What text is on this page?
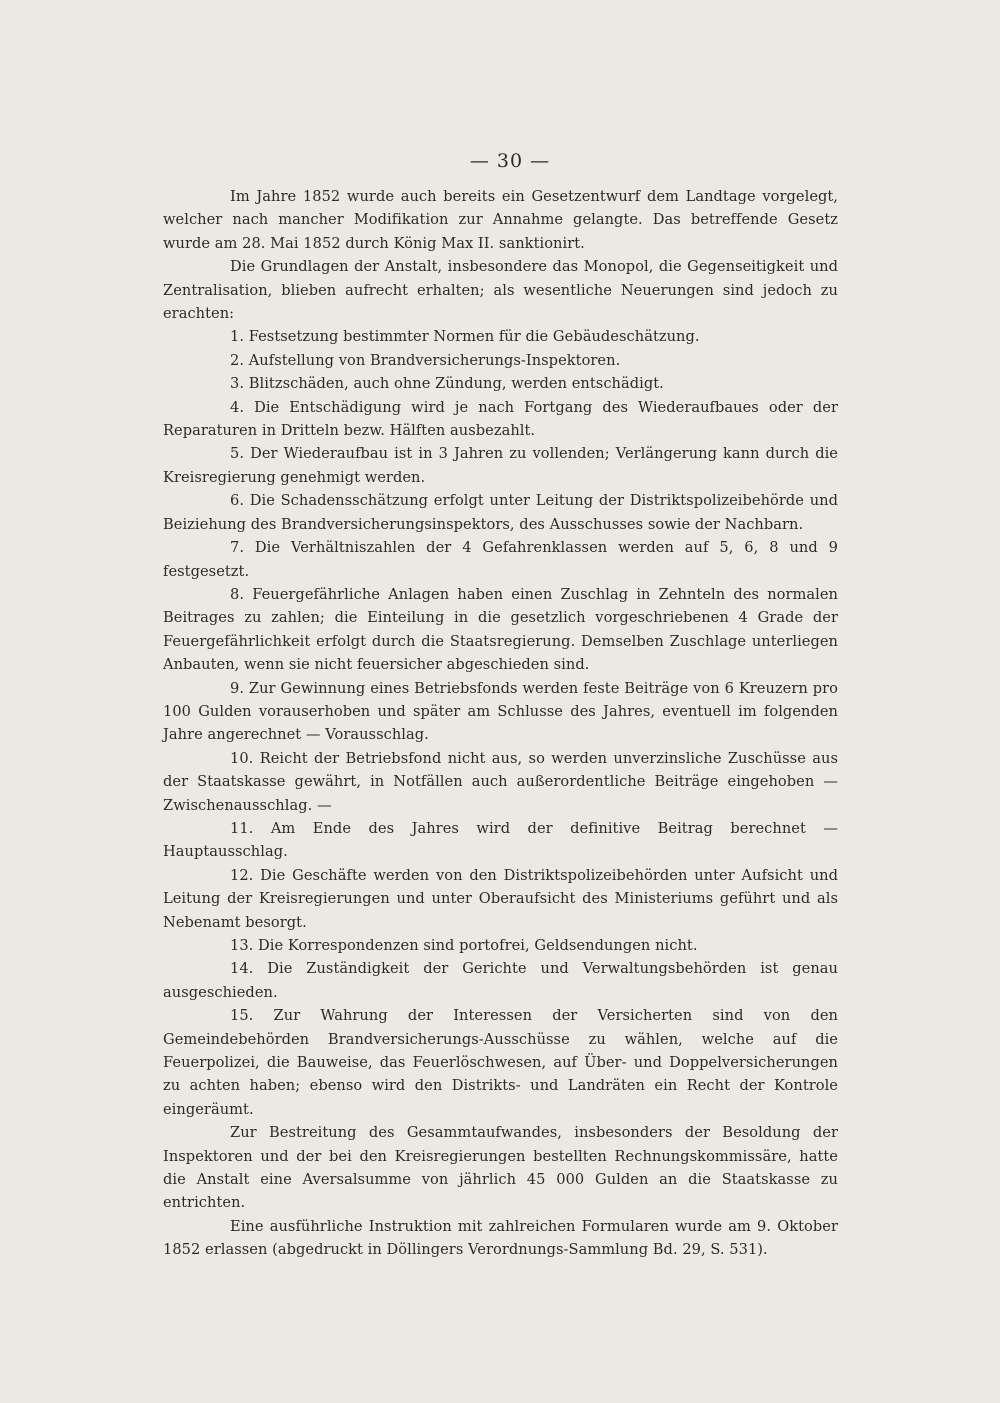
— 30 —

Im Jahre 1852 wurde auch bereits ein Gesetzentwurf dem Landtage vorgelegt, welcher nach mancher Modifikation zur Annahme gelangte. Das betreffende Gesetz wurde am 28. Mai 1852 durch König Max II. sanktionirt.

Die Grundlagen der Anstalt, insbesondere das Monopol, die Gegenseitigkeit und Zentralisation, blieben aufrecht erhalten; als wesentliche Neuerungen sind jedoch zu erachten:

1. Festsetzung bestimmter Normen für die Gebäudeschätzung.

2. Aufstellung von Brandversicherungs-Inspektoren.

3. Blitzschäden, auch ohne Zündung, werden entschädigt.

4. Die Entschädigung wird je nach Fortgang des Wiederaufbaues oder der Reparaturen in Dritteln bezw. Hälften ausbezahlt.

5. Der Wiederaufbau ist in 3 Jahren zu vollenden; Verlängerung kann durch die Kreisregierung genehmigt werden.

6. Die Schadensschätzung erfolgt unter Leitung der Distriktspolizeibehörde und Beiziehung des Brandversicherungsinspektors, des Ausschusses sowie der Nachbarn.

7. Die Verhältniszahlen der 4 Gefahrenklassen werden auf 5, 6, 8 und 9 festgesetzt.

8. Feuergefährliche Anlagen haben einen Zuschlag in Zehnteln des normalen Beitrages zu zahlen; die Einteilung in die gesetzlich vorgeschriebenen 4 Grade der Feuergefährlichkeit erfolgt durch die Staatsregierung. Demselben Zuschlage unterliegen Anbauten, wenn sie nicht feuersicher abgeschieden sind.

9. Zur Gewinnung eines Betriebsfonds werden feste Beiträge von 6 Kreuzern pro 100 Gulden vorauserhoben und später am Schlusse des Jahres, eventuell im folgenden Jahre angerechnet — Vorausschlag.

10. Reicht der Betriebsfond nicht aus, so werden unverzinsliche Zuschüsse aus der Staatskasse gewährt, in Notfällen auch außerordentliche Beiträge eingehoben — Zwischenausschlag. —

11. Am Ende des Jahres wird der definitive Beitrag berechnet — Hauptausschlag.

12. Die Geschäfte werden von den Distriktspolizeibehörden unter Aufsicht und Leitung der Kreisregierungen und unter Oberaufsicht des Ministeriums geführt und als Nebenamt besorgt.

13. Die Korrespondenzen sind portofrei, Geldsendungen nicht.

14. Die Zuständigkeit der Gerichte und Verwaltungsbehörden ist genau ausgeschieden.

15. Zur Wahrung der Interessen der Versicherten sind von den Gemeindebehörden Brandversicherungs-Ausschüsse zu wählen, welche auf die Feuerpolizei, die Bauweise, das Feuerlöschwesen, auf Über- und Doppelversicherungen zu achten haben; ebenso wird den Distrikts- und Landräten ein Recht der Kontrole eingeräumt.

Zur Bestreitung des Gesammtaufwandes, insbesonders der Besoldung der Inspektoren und der bei den Kreisregierungen bestellten Rechnungskommissäre, hatte die Anstalt eine Aversalsumme von jährlich 45 000 Gulden an die Staatskasse zu entrichten.

Eine ausführliche Instruktion mit zahlreichen Formularen wurde am 9. Oktober 1852 erlassen (abgedruckt in Döllingers Verordnungs-Sammlung Bd. 29, S. 531).
